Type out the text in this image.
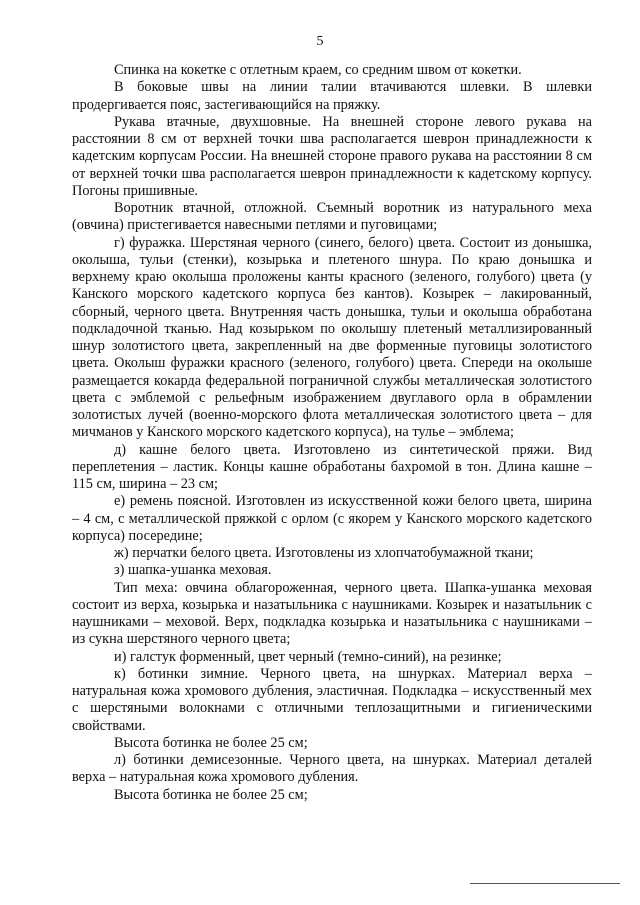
5

Спинка на кокетке с отлетным краем, со средним швом от кокетки.

В боковые швы на линии талии втачиваются шлевки. В шлевки продергивается пояс, застегивающийся на пряжку.

Рукава втачные, двухшовные. На внешней стороне левого рукава на расстоянии 8 см от верхней точки шва располагается шеврон принадлежности к кадетским корпусам России. На внешней стороне правого рукава на расстоянии 8 см от верхней точки шва располагается шеврон принадлежности к кадетскому корпусу. Погоны пришивные.

Воротник втачной, отложной. Съемный воротник из натурального меха (овчина) пристегивается навесными петлями и пуговицами;

г) фуражка. Шерстяная черного (синего, белого) цвета. Состоит из донышка, околыша, тульи (стенки), козырька и плетеного шнура. По краю донышка и верхнему краю околыша проложены канты красного (зеленого, голубого) цвета (у Канского морского кадетского корпуса без кантов). Козырек – лакированный, сборный, черного цвета. Внутренняя часть донышка, тульи и околыша обработана подкладочной тканью. Над козырьком по околышу плетеный металлизированный шнур золотистого цвета, закрепленный на две форменные пуговицы золотистого цвета. Околыш фуражки красного (зеленого, голубого) цвета. Спереди на околыше размещается кокарда федеральной пограничной службы металлическая золотистого цвета с эмблемой с рельефным изображением двуглавого орла в обрамлении золотистых лучей (военно-морского флота металлическая золотистого цвета – для мичманов у Канского морского кадетского корпуса), на тулье – эмблема;

д) кашне белого цвета. Изготовлено из синтетической пряжи. Вид переплетения – ластик. Концы кашне обработаны бахромой в тон. Длина кашне – 115 см, ширина – 23 см;

е) ремень поясной. Изготовлен из искусственной кожи белого цвета, ширина – 4 см, с металлической пряжкой с орлом (с якорем у Канского морского кадетского корпуса) посередине;

ж) перчатки белого цвета. Изготовлены из хлопчатобумажной ткани;

з) шапка-ушанка меховая.

Тип меха: овчина облагороженная, черного цвета. Шапка-ушанка меховая состоит из верха, козырька и назатыльника с наушниками. Козырек и назатыльник с наушниками – меховой. Верх, подкладка козырька и назатыльника с наушниками – из сукна шерстяного черного цвета;

и) галстук форменный, цвет черный (темно-синий), на резинке;

к) ботинки зимние. Черного цвета, на шнурках. Материал верха – натуральная кожа хромового дубления, эластичная. Подкладка – искусственный мех с шерстяными волокнами с отличными теплозащитными и гигиеническими свойствами.

Высота ботинка не более 25 см;

л) ботинки демисезонные. Черного цвета, на шнурках. Материал деталей верха – натуральная кожа хромового дубления.

Высота ботинка не более 25 см;
